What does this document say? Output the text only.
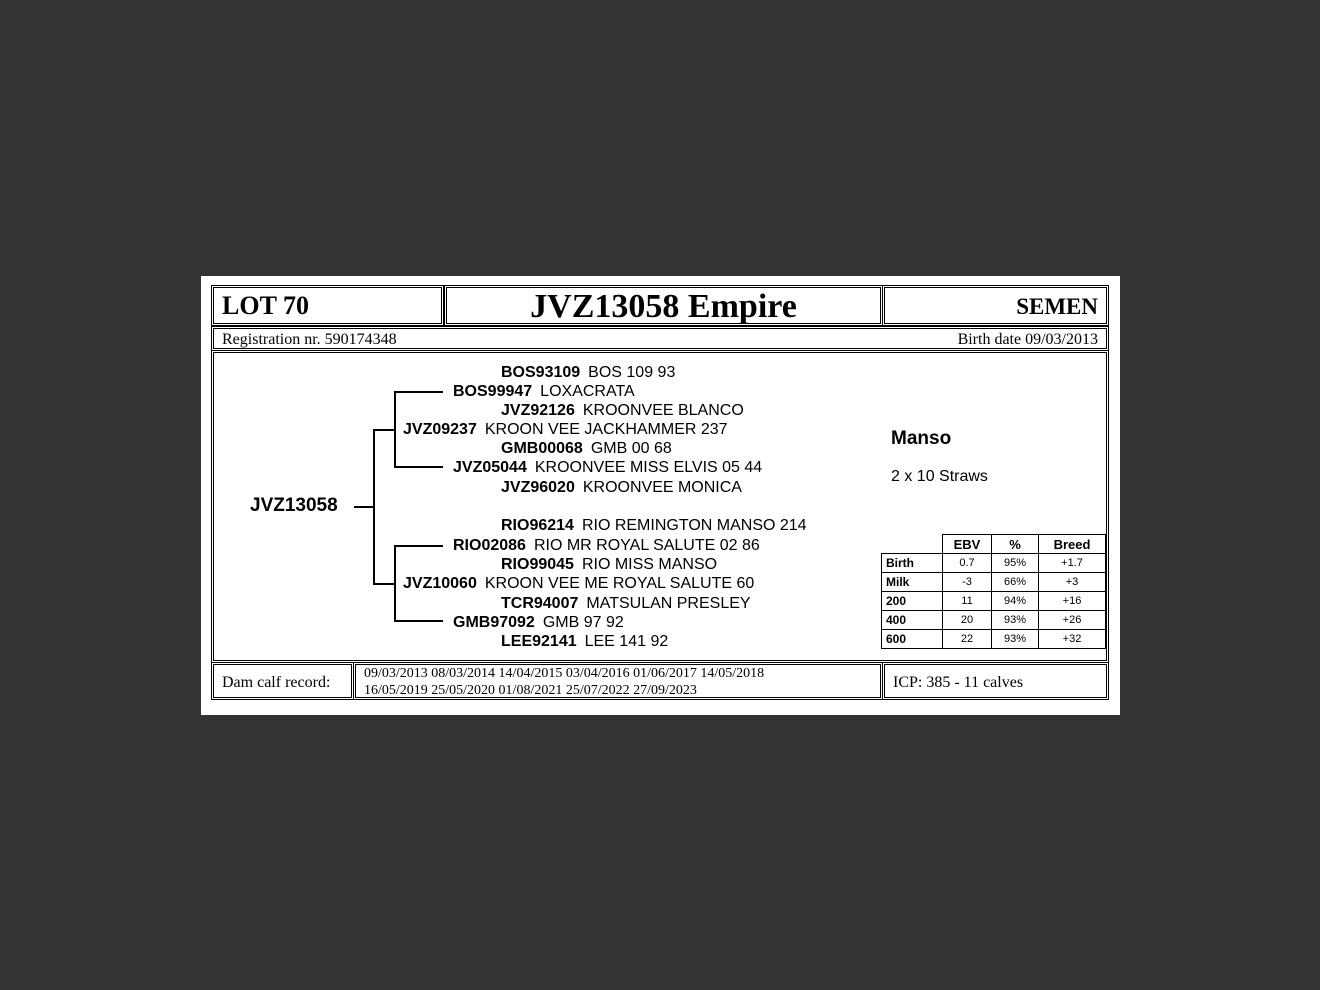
LOT 70	JVZ13058 Empire	SEMEN
Registration nr. 590174348	Birth date 09/03/2013
JVZ13058
BOS93109 BOS 109 93
BOS99947 LOXACRATA
JVZ92126 KROONVEE BLANCO
JVZ09237 KROON VEE JACKHAMMER 237
GMB00068 GMB 00 68
JVZ05044 KROONVEE MISS ELVIS 05 44
JVZ96020 KROONVEE MONICA
RIO96214 RIO REMINGTON MANSO 214
RIO02086 RIO MR ROYAL SALUTE 02 86
RIO99045 RIO MISS MANSO
JVZ10060 KROON VEE ME ROYAL SALUTE 60
TCR94007 MATSULAN PRESLEY
GMB97092 GMB 97 92
LEE92141 LEE 141 92
Manso
2 x 10 Straws
	EBV	%	Breed
Birth	0.7	95%	+1.7
Milk	-3	66%	+3
200	11	94%	+16
400	20	93%	+26
600	22	93%	+32
Dam calf record:
09/03/2013 08/03/2014 14/04/2015 03/04/2016 01/06/2017 14/05/2018
16/05/2019 25/05/2020 01/08/2021 25/07/2022 27/09/2023	ICP: 385 - 11 calves
